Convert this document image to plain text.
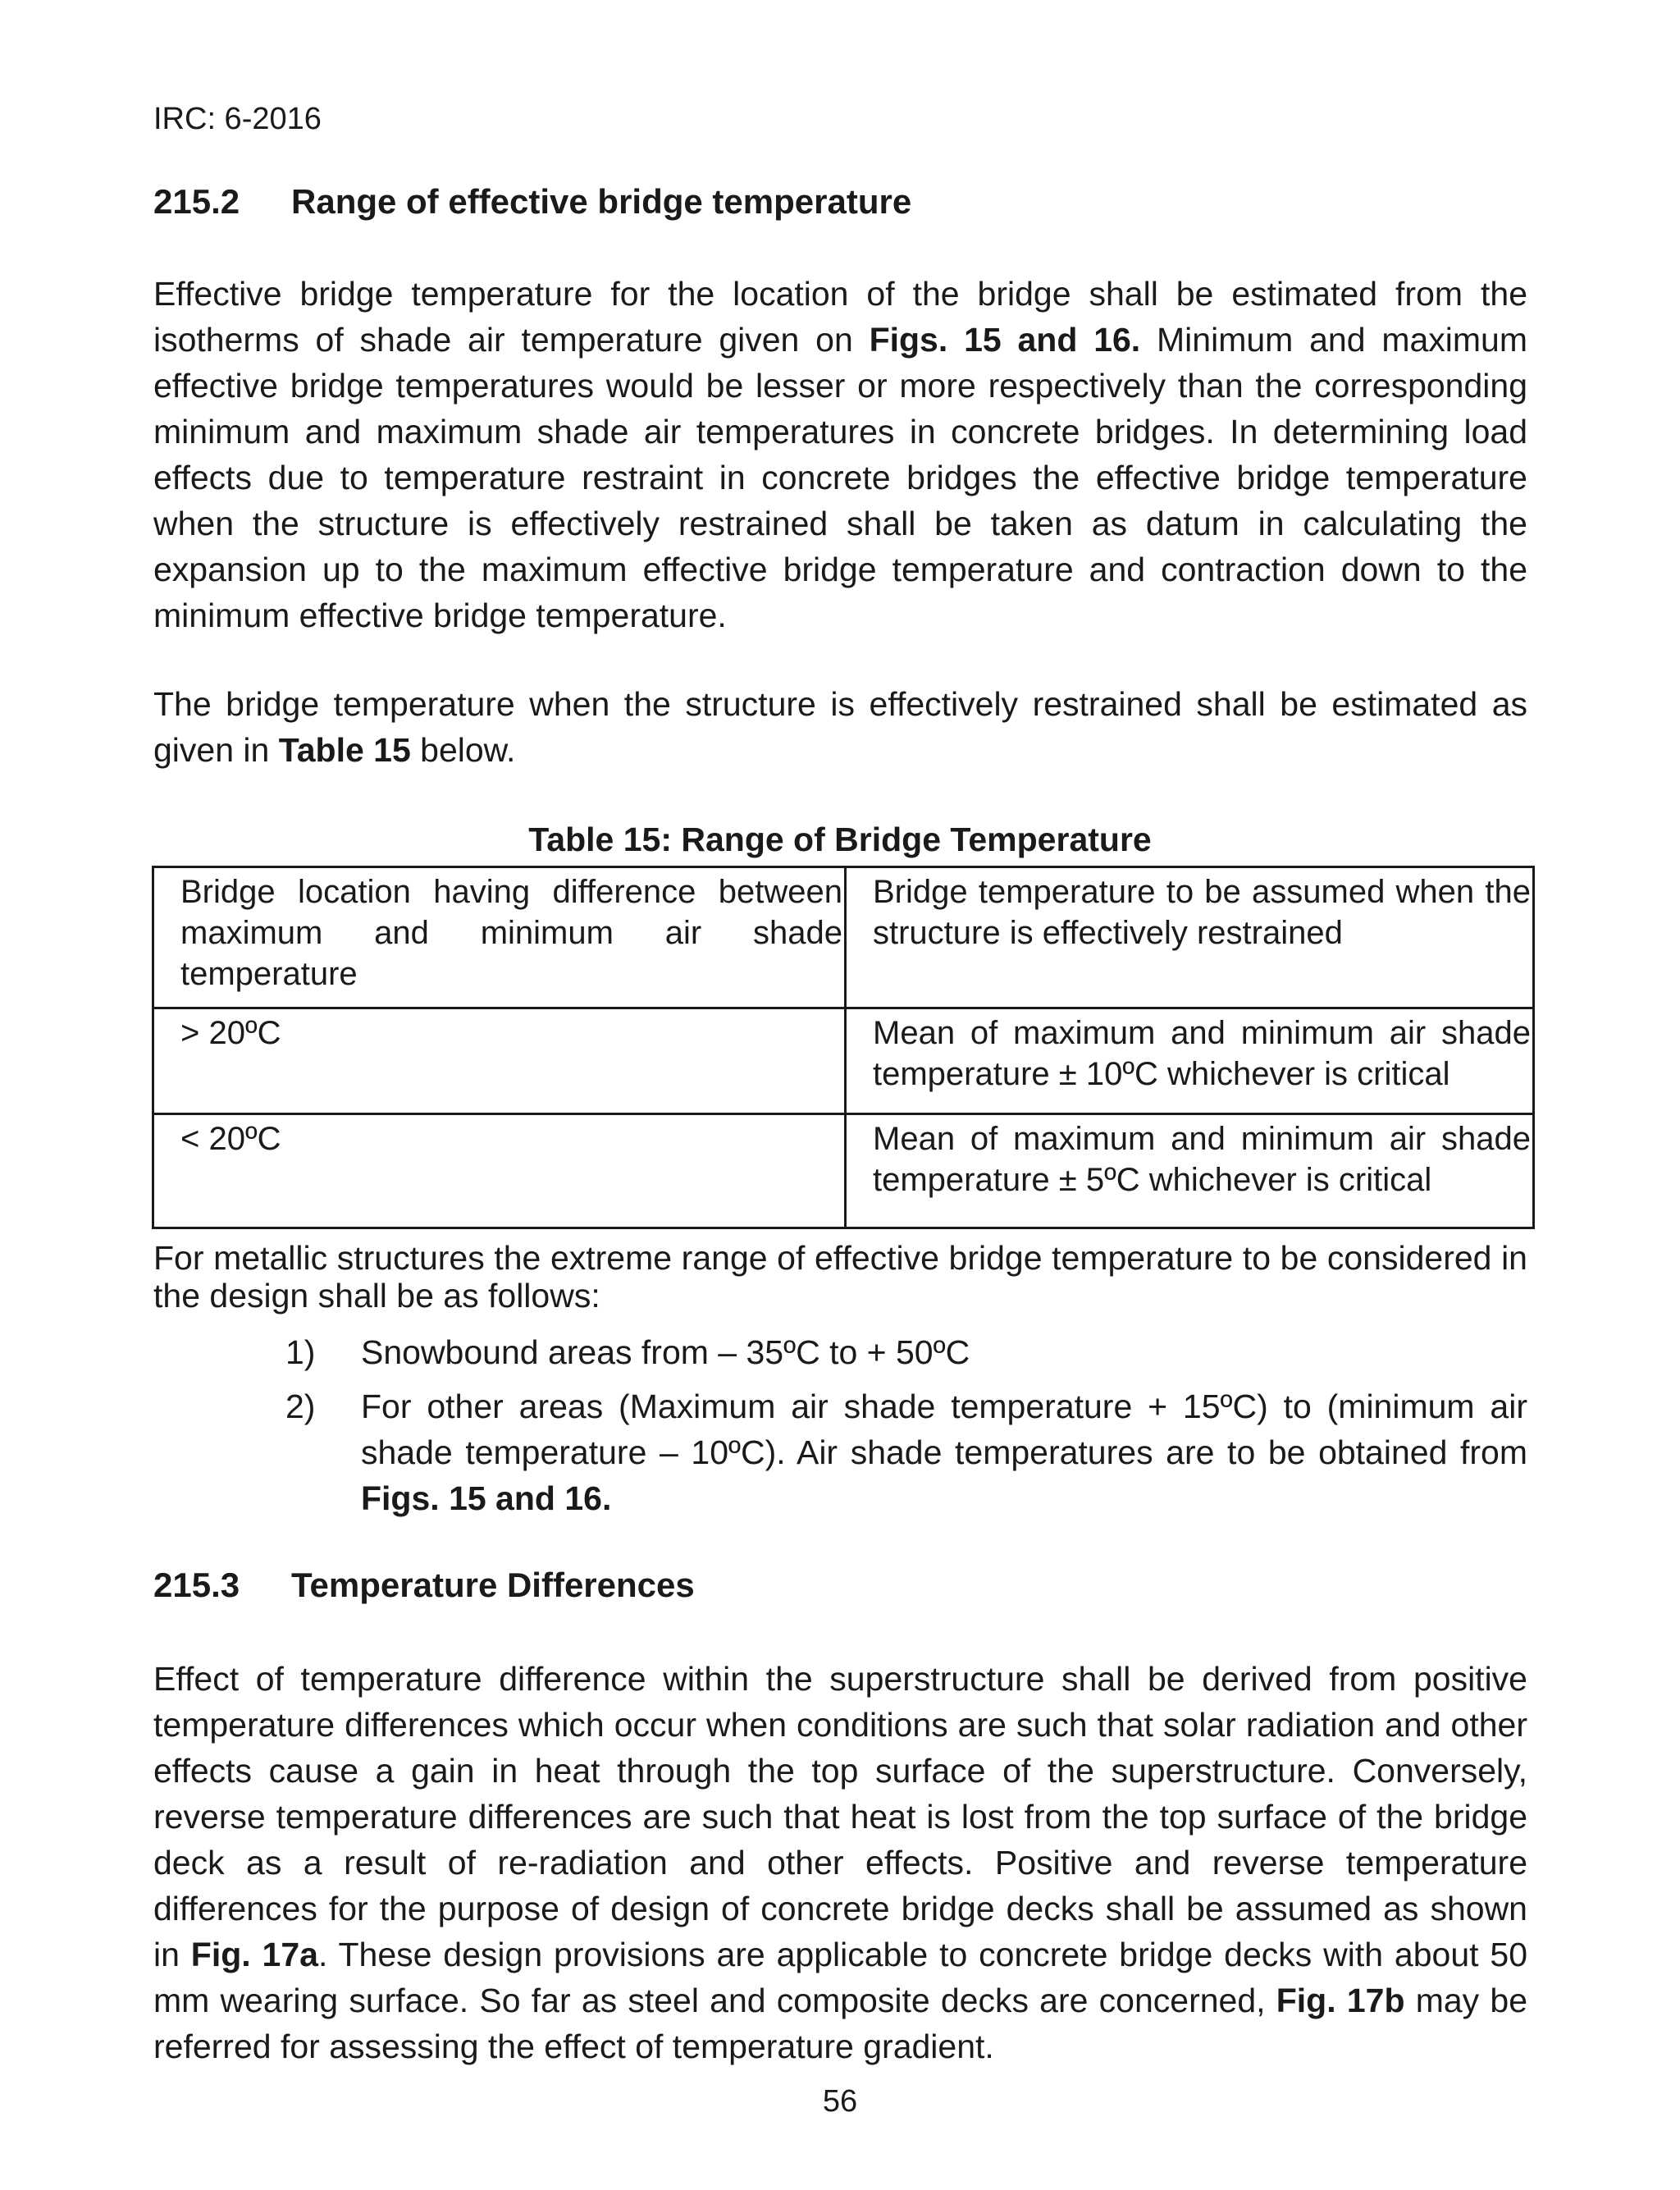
IRC: 6-2016
215.2 Range of effective bridge temperature

Effective bridge temperature for the location of the bridge shall be estimated from the isotherms of shade air temperature given on Figs. 15 and 16. Minimum and maximum effective bridge temperatures would be lesser or more respectively than the corresponding minimum and maximum shade air temperatures in concrete bridges. In determining load effects due to temperature restraint in concrete bridges the effective bridge temperature when the structure is effectively restrained shall be taken as datum in calculating the expansion up to the maximum effective bridge temperature and contraction down to the minimum effective bridge temperature.

The bridge temperature when the structure is effectively restrained shall be estimated as given in Table 15 below.

Table 15: Range of Bridge Temperature
Bridge location having difference between maximum and minimum air shade temperature	Bridge temperature to be assumed when the structure is effectively restrained
> 20ºC	Mean of maximum and minimum air shade temperature ± 10ºC whichever is critical
< 20ºC	Mean of maximum and minimum air shade temperature ± 5ºC whichever is critical

For metallic structures the extreme range of effective bridge temperature to be considered in the design shall be as follows:

1) Snowbound areas from – 35ºC to + 50ºC
2) For other areas (Maximum air shade temperature + 15ºC) to (minimum air shade temperature – 10ºC). Air shade temperatures are to be obtained from Figs. 15 and 16.
215.3 Temperature Differences

Effect of temperature difference within the superstructure shall be derived from positive temperature differences which occur when conditions are such that solar radiation and other effects cause a gain in heat through the top surface of the superstructure. Conversely, reverse temperature differences are such that heat is lost from the top surface of the bridge deck as a result of re-radiation and other effects. Positive and reverse temperature differences for the purpose of design of concrete bridge decks shall be assumed as shown in Fig. 17a. These design provisions are applicable to concrete bridge decks with about 50 mm wearing surface. So far as steel and composite decks are concerned, Fig. 17b may be referred for assessing the effect of temperature gradient.

56
